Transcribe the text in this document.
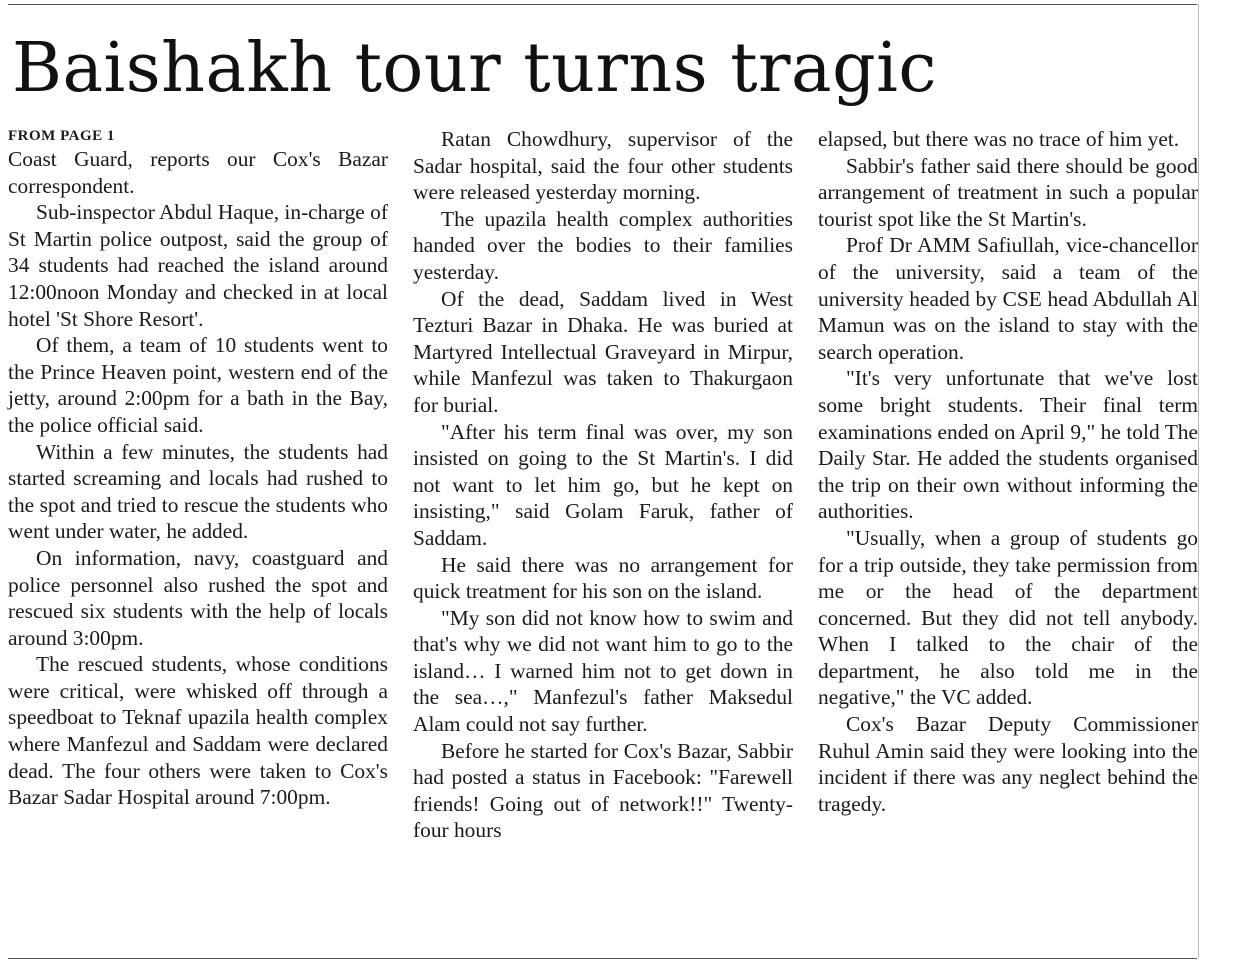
Baishakh tour turns tragic

FROM PAGE 1

Coast Guard, reports our Cox's Bazar correspondent.

Sub-inspector Abdul Haque, in-charge of St Martin police outpost, said the group of 34 students had reached the island around 12:00noon Monday and checked in at local hotel 'St Shore Resort'.

Of them, a team of 10 students went to the Prince Heaven point, western end of the jetty, around 2:00pm for a bath in the Bay, the police official said.

Within a few minutes, the students had started screaming and locals had rushed to the spot and tried to rescue the students who went under water, he added.

On information, navy, coastguard and police personnel also rushed the spot and rescued six students with the help of locals around 3:00pm.

The rescued students, whose conditions were critical, were whisked off through a speedboat to Teknaf upazila health complex where Manfezul and Saddam were declared dead. The four others were taken to Cox's Bazar Sadar Hospital around 7:00pm.

Ratan Chowdhury, supervisor of the Sadar hospital, said the four other students were released yesterday morning.

The upazila health complex authorities handed over the bodies to their families yesterday.

Of the dead, Saddam lived in West Tezturi Bazar in Dhaka. He was buried at Martyred Intellectual Graveyard in Mirpur, while Manfezul was taken to Thakurgaon for burial.

"After his term final was over, my son insisted on going to the St Martin's. I did not want to let him go, but he kept on insisting," said Golam Faruk, father of Saddam.

He said there was no arrangement for quick treatment for his son on the island.

"My son did not know how to swim and that's why we did not want him to go to the island… I warned him not to get down in the sea…," Manfezul's father Maksedul Alam could not say further.

Before he started for Cox's Bazar, Sabbir had posted a status in Facebook: "Farewell friends! Going out of network!!" Twenty-four hours

elapsed, but there was no trace of him yet.

Sabbir's father said there should be good arrangement of treatment in such a popular tourist spot like the St Martin's.

Prof Dr AMM Safiullah, vice-chancellor of the university, said a team of the university headed by CSE head Abdullah Al Mamun was on the island to stay with the search operation.

"It's very unfortunate that we've lost some bright students. Their final term examinations ended on April 9," he told The Daily Star. He added the students organised the trip on their own without informing the authorities.

"Usually, when a group of students go for a trip outside, they take permission from me or the head of the department concerned. But they did not tell anybody. When I talked to the chair of the department, he also told me in the negative," the VC added.

Cox's Bazar Deputy Commissioner Ruhul Amin said they were looking into the incident if there was any neglect behind the tragedy.
